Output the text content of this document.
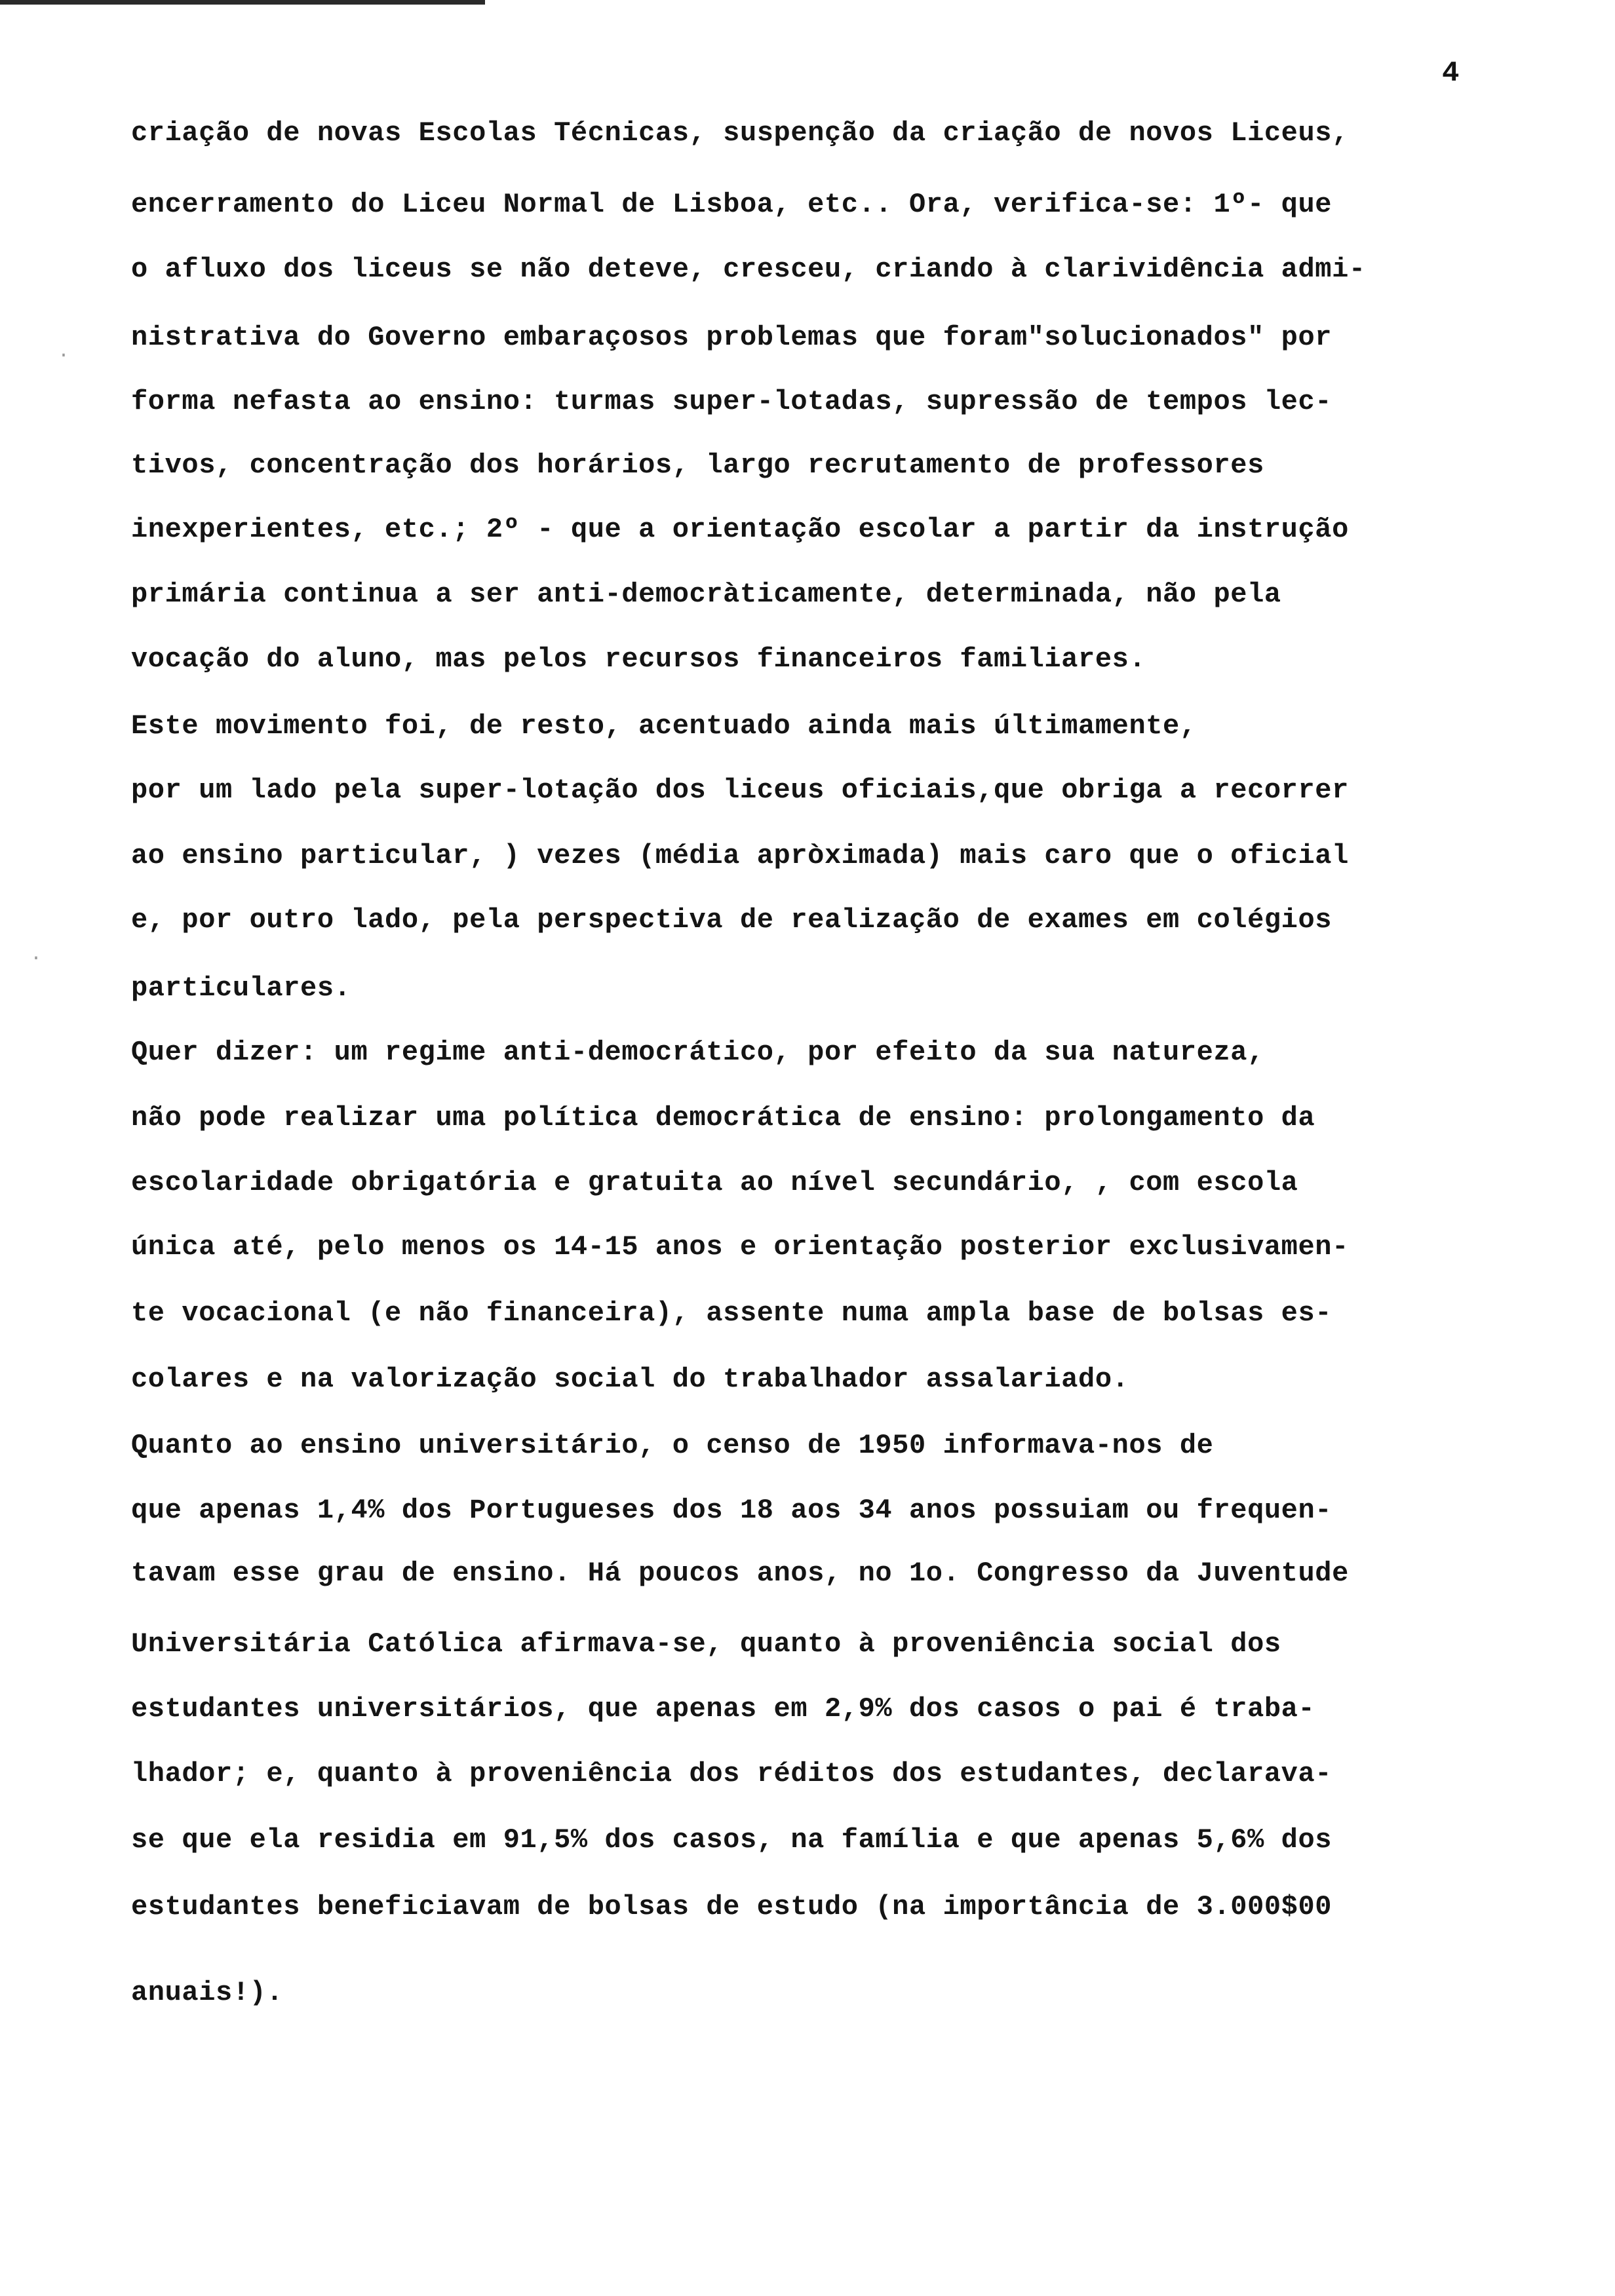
4
·
·
criação de novas Escolas Técnicas, suspenção da criação de novos Liceus,
encerramento do Liceu Normal de Lisboa, etc.. Ora, verifica-se: 1º- que
o afluxo dos liceus se não deteve, cresceu, criando à clarividência admi-
nistrativa do Governo embaraçosos problemas que foram"solucionados" por
forma nefasta ao ensino: turmas super-lotadas, supressão de tempos lec-
tivos, concentração dos horários, largo recrutamento de professores
inexperientes, etc.; 2º - que a orientação escolar a partir da instrução
primária continua a ser anti-democràticamente, determinada, não pela
vocação do aluno, mas pelos recursos financeiros familiares.
Este movimento foi, de resto, acentuado ainda mais últimamente,
por um lado pela super-lotação dos liceus oficiais,que obriga a recorrer
ao ensino particular, ) vezes (média apròximada) mais caro que o oficial
e, por outro lado, pela perspectiva de realização de exames em colégios
particulares.
Quer dizer: um regime anti-democrático, por efeito da sua natureza,
não pode realizar uma política democrática de ensino: prolongamento da
escolaridade obrigatória e gratuita ao nível secundário, , com escola
única até, pelo menos os 14-15 anos e orientação posterior exclusivamen-
te vocacional (e não financeira), assente numa ampla base de bolsas es-
colares e na valorização social do trabalhador assalariado.
Quanto ao ensino universitário, o censo de 1950 informava-nos de
que apenas 1,4% dos Portugueses dos 18 aos 34 anos possuiam ou frequen-
tavam esse grau de ensino. Há poucos anos, no 1o. Congresso da Juventude
Universitária Católica afirmava-se, quanto à proveniência social dos
estudantes universitários, que apenas em 2,9% dos casos o pai é traba-
lhador; e, quanto à proveniência dos réditos dos estudantes, declarava-
se que ela residia em 91,5% dos casos, na família e que apenas 5,6% dos
estudantes beneficiavam de bolsas de estudo (na importância de 3.000$00
anuais!).
